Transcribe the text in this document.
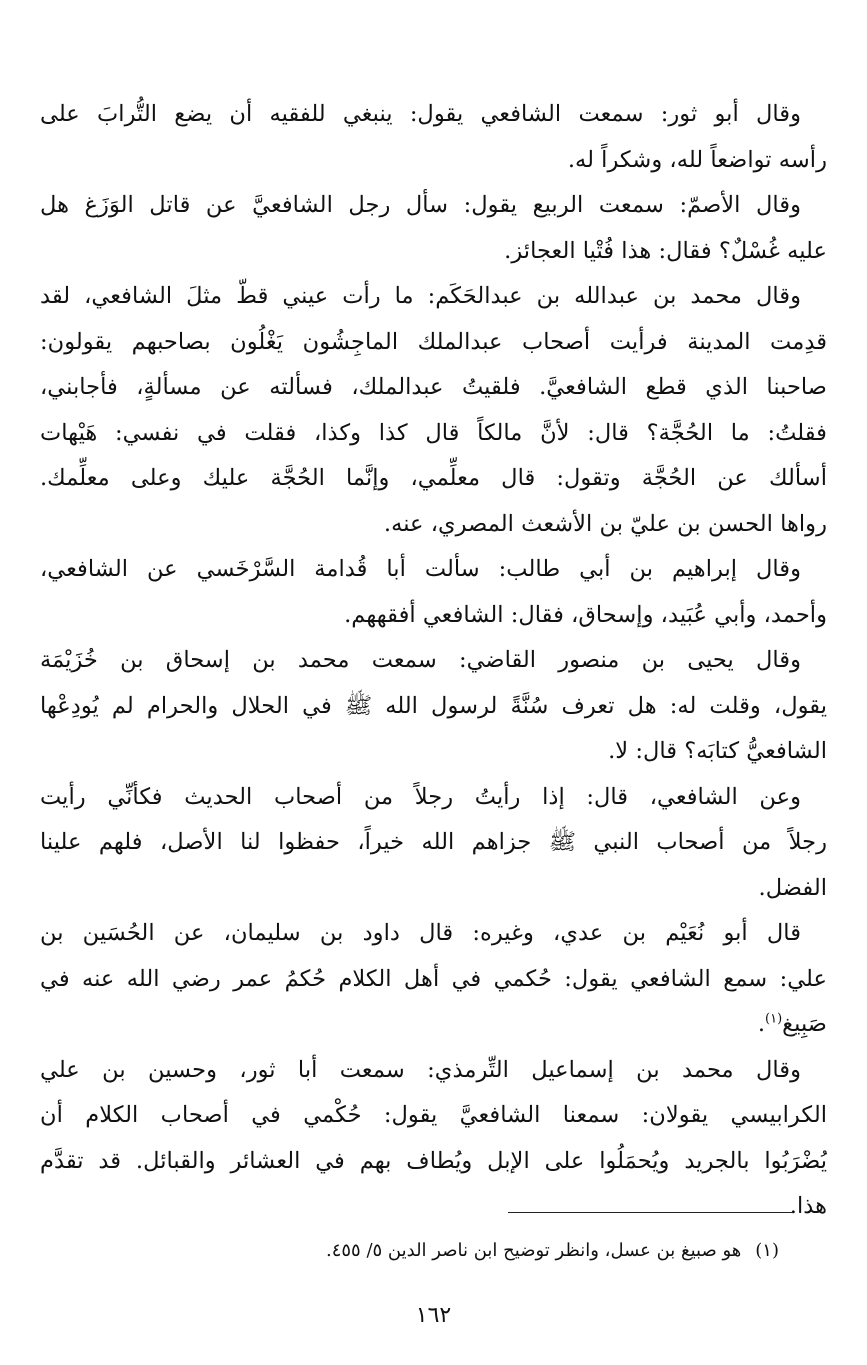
وقال أبو ثور: سمعت الشافعي يقول: ينبغي للفقيه أن يضع التُّرابَ على
رأسه تواضعاً لله، وشكراً له.
وقال الأصمّ: سمعت الربيع يقول: سأل رجل الشافعيَّ عن قاتل الوَزَغ هل
عليه غُسْلٌ؟ فقال: هذا فُتْيا العجائز.
وقال محمد بن عبدالله بن عبدالحَكَم: ما رأت عيني قطّ مثلَ الشافعي، لقد
قدِمت المدينة فرأيت أصحاب عبدالملك الماجِشُون يَغْلُون بصاحبهم يقولون:
صاحبنا الذي قطع الشافعيَّ. فلقيتُ عبدالملك، فسألته عن مسألةٍ، فأجابني،
فقلتُ: ما الحُجَّة؟ قال: لأنَّ مالكاً قال كذا وكذا، فقلت في نفسي: هَيْهات
أسألك عن الحُجَّة وتقول: قال معلِّمي، وإنَّما الحُجَّة عليك وعلى معلِّمك.
رواها الحسن بن عليّ بن الأشعث المصري، عنه.
وقال إبراهيم بن أبي طالب: سألت أبا قُدامة السَّرْخَسي عن الشافعي،
وأحمد، وأبي عُبَيد، وإسحاق، فقال: الشافعي أفقههم.
وقال يحيى بن منصور القاضي: سمعت محمد بن إسحاق بن خُزَيْمَة
يقول، وقلت له: هل تعرف سُنَّةً لرسول الله ﷺ في الحلال والحرام لم يُودِعْها
الشافعيُّ كتابَه؟ قال: لا.
وعن الشافعي، قال: إذا رأيتُ رجلاً من أصحاب الحديث فكأنِّي رأيت
رجلاً من أصحاب النبي ﷺ جزاهم الله خيراً، حفظوا لنا الأصل، فلهم علينا
الفضل.
قال أبو نُعَيْم بن عدي، وغيره: قال داود بن سليمان، عن الحُسَين بن
علي: سمع الشافعي يقول: حُكمي في أهل الكلام حُكمُ عمر رضي الله عنه في
صَبِيغ$^{(١)}$.
وقال محمد بن إسماعيل التِّرمذي: سمعت أبا ثور، وحسين بن علي
الكرابيسي يقولان: سمعنا الشافعيَّ يقول: حُكْمي في أصحاب الكلام أن
يُضْرَبُوا بالجريد ويُحمَلُوا على الإبل ويُطاف بهم في العشائر والقبائل. قد تقدَّم
هذا.
(١)هو صبيغ بن عسل، وانظر توضيح ابن ناصر الدين ٥/ ٤٥٥.
١٦٢
